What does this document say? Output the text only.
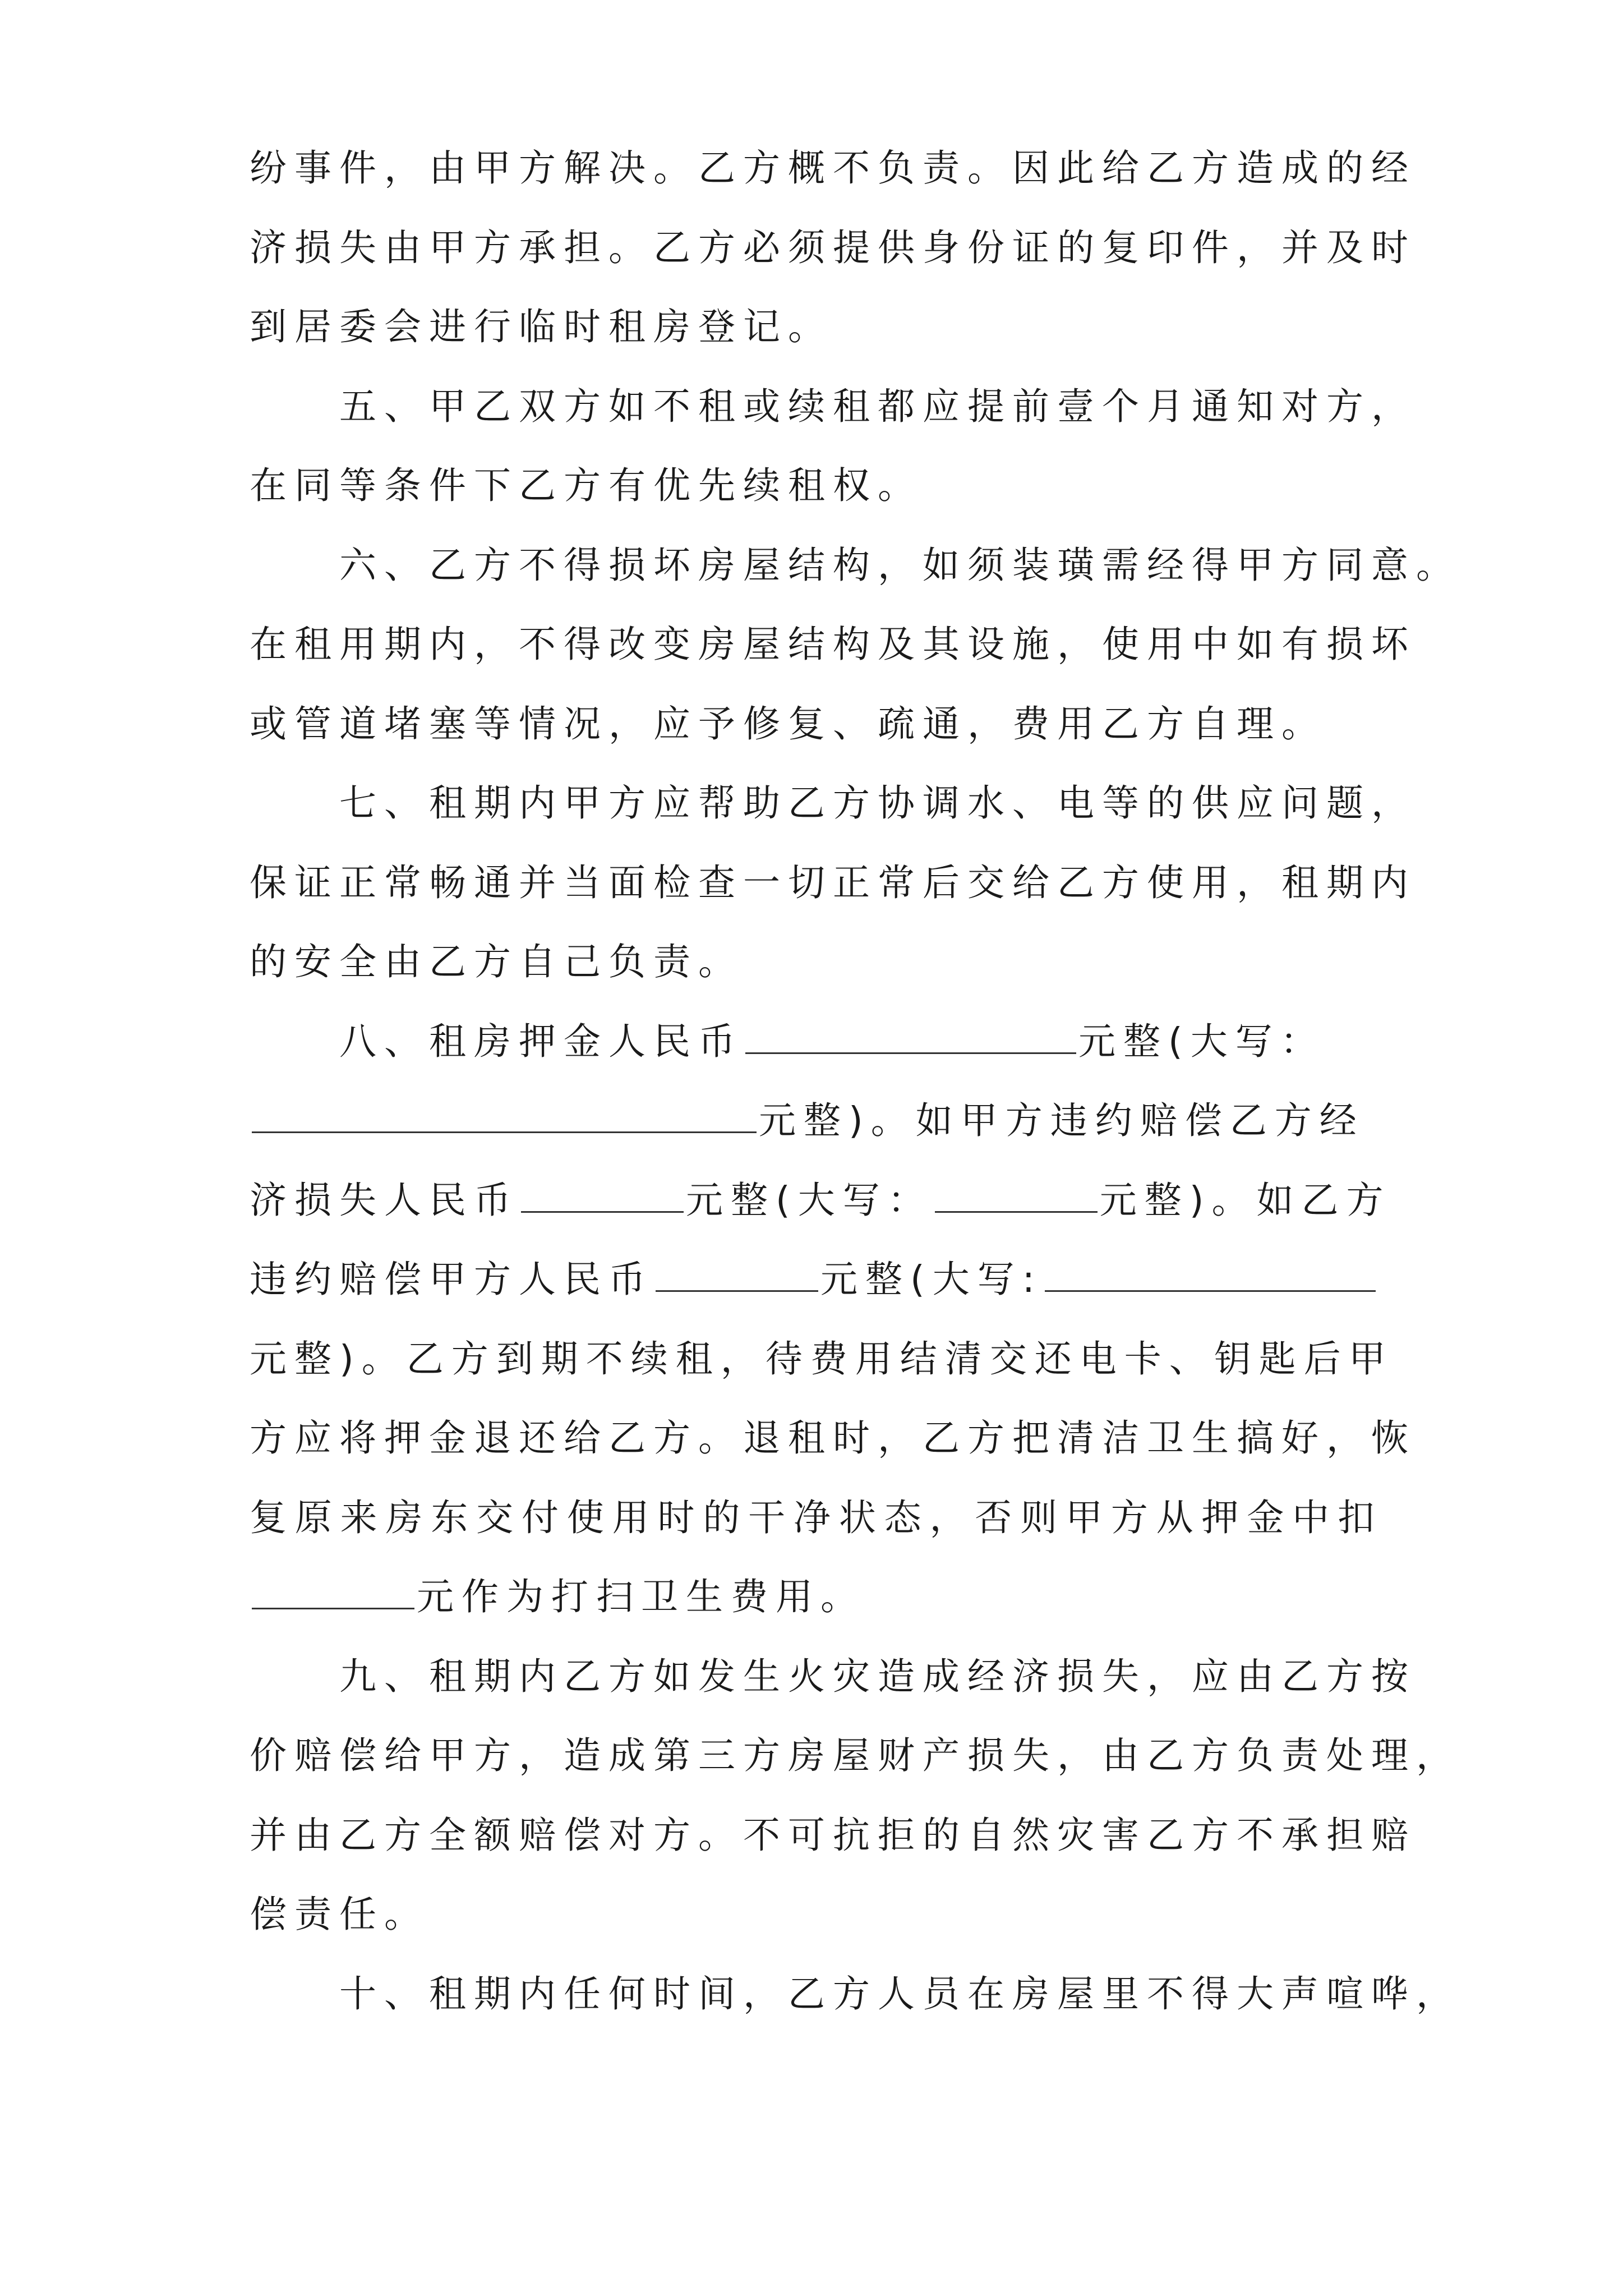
纷事件，由甲方解决。乙方概不负责。因此给乙方造成的经
济损失由甲方承担。乙方必须提供身份证的复印件，并及时
到居委会进行临时租房登记。
五、甲乙双方如不租或续租都应提前壹个月通知对方，
在同等条件下乙方有优先续租权。
六、乙方不得损坏房屋结构，如须装璜需经得甲方同意。
在租用期内，不得改变房屋结构及其设施，使用中如有损坏
或管道堵塞等情况，应予修复、疏通，费用乙方自理。
七、租期内甲方应帮助乙方协调水、电等的供应问题，
保证正常畅通并当面检查一切正常后交给乙方使用，租期内
的安全由乙方自己负责。
八、租房押金人民币	元整(大写：
元整)。如甲方违约赔偿乙方经
济损失人民币	元整(大写：	元整)。如乙方
违约赔偿甲方人民币	元整(大写:
元整)。乙方到期不续租，待费用结清交还电卡、钥匙后甲
方应将押金退还给乙方。退租时，乙方把清洁卫生搞好，恢
复原来房东交付使用时的干净状态，否则甲方从押金中扣
元作为打扫卫生费用。
九、租期内乙方如发生火灾造成经济损失，应由乙方按
价赔偿给甲方，造成第三方房屋财产损失，由乙方负责处理，
并由乙方全额赔偿对方。不可抗拒的自然灾害乙方不承担赔
偿责任。
十、租期内任何时间，乙方人员在房屋里不得大声喧哗，
